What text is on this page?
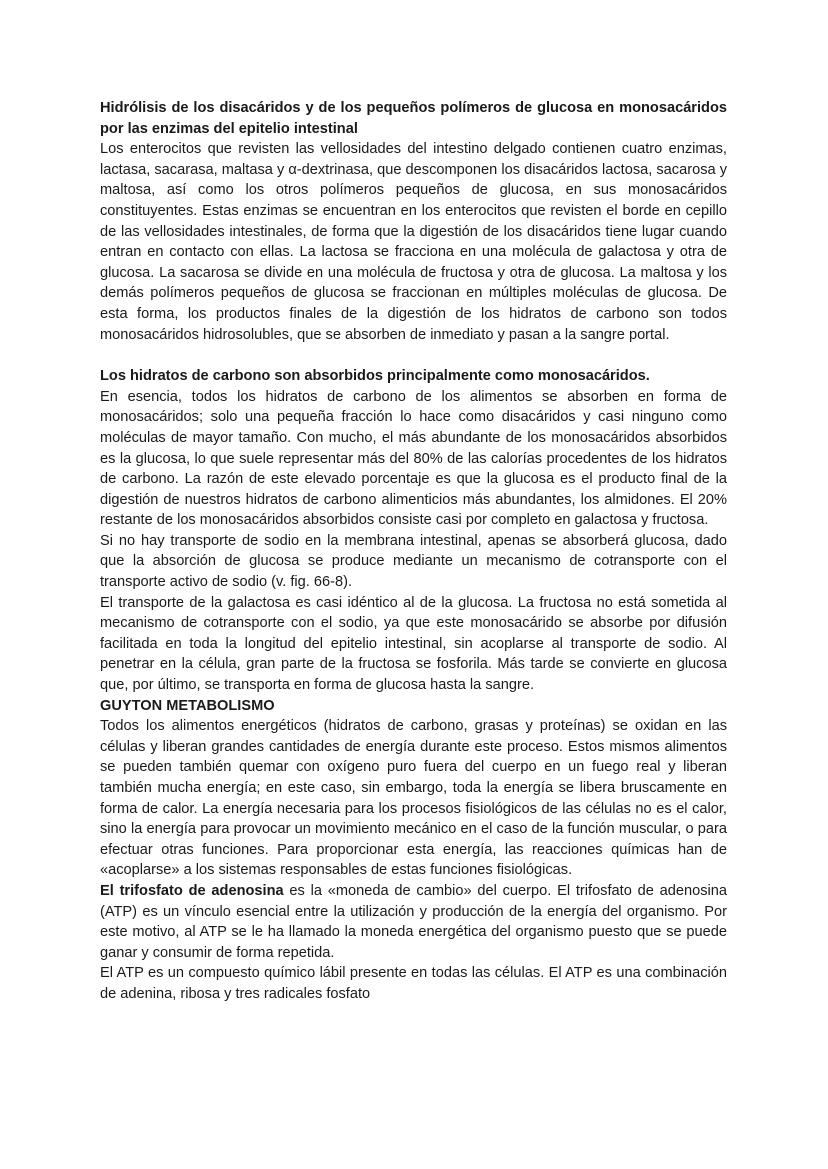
Hidrólisis de los disacáridos y de los pequeños polímeros de glucosa en monosacáridos por las enzimas del epitelio intestinal

Los enterocitos que revisten las vellosidades del intestino delgado contienen cuatro enzimas, lactasa, sacarasa, maltasa y α-dextrinasa, que descomponen los disacáridos lactosa, sacarosa y maltosa, así como los otros polímeros pequeños de glucosa, en sus monosacáridos constituyentes. Estas enzimas se encuentran en los enterocitos que revisten el borde en cepillo de las vellosidades intestinales, de forma que la digestión de los disacáridos tiene lugar cuando entran en contacto con ellas. La lactosa se fracciona en una molécula de galactosa y otra de glucosa. La sacarosa se divide en una molécula de fructosa y otra de glucosa. La maltosa y los demás polímeros pequeños de glucosa se fraccionan en múltiples moléculas de glucosa. De esta forma, los productos finales de la digestión de los hidratos de carbono son todos monosacáridos hidrosolubles, que se absorben de inmediato y pasan a la sangre portal.

Los hidratos de carbono son absorbidos principalmente como monosacáridos.

En esencia, todos los hidratos de carbono de los alimentos se absorben en forma de monosacáridos; solo una pequeña fracción lo hace como disacáridos y casi ninguno como moléculas de mayor tamaño. Con mucho, el más abundante de los monosacáridos absorbidos es la glucosa, lo que suele representar más del 80% de las calorías procedentes de los hidratos de carbono. La razón de este elevado porcentaje es que la glucosa es el producto final de la digestión de nuestros hidratos de carbono alimenticios más abundantes, los almidones. El 20% restante de los monosacáridos absorbidos consiste casi por completo en galactosa y fructosa.

Si no hay transporte de sodio en la membrana intestinal, apenas se absorberá glucosa, dado que la absorción de glucosa se produce mediante un mecanismo de cotransporte con el transporte activo de sodio (v. fig. 66-8).

El transporte de la galactosa es casi idéntico al de la glucosa. La fructosa no está sometida al mecanismo de cotransporte con el sodio, ya que este monosacárido se absorbe por difusión facilitada en toda la longitud del epitelio intestinal, sin acoplarse al transporte de sodio. Al penetrar en la célula, gran parte de la fructosa se fosforila. Más tarde se convierte en glucosa que, por último, se transporta en forma de glucosa hasta la sangre.

GUYTON METABOLISMO

Todos los alimentos energéticos (hidratos de carbono, grasas y proteínas) se oxidan en las células y liberan grandes cantidades de energía durante este proceso. Estos mismos alimentos se pueden también quemar con oxígeno puro fuera del cuerpo en un fuego real y liberan también mucha energía; en este caso, sin embargo, toda la energía se libera bruscamente en forma de calor. La energía necesaria para los procesos fisiológicos de las células no es el calor, sino la energía para provocar un movimiento mecánico en el caso de la función muscular, o para efectuar otras funciones. Para proporcionar esta energía, las reacciones químicas han de «acoplarse» a los sistemas responsables de estas funciones fisiológicas.

El trifosfato de adenosina es la «moneda de cambio» del cuerpo. El trifosfato de adenosina (ATP) es un vínculo esencial entre la utilización y producción de la energía del organismo. Por este motivo, al ATP se le ha llamado la moneda energética del organismo puesto que se puede ganar y consumir de forma repetida.

El ATP es un compuesto químico lábil presente en todas las células. El ATP es una combinación de adenina, ribosa y tres radicales fosfato
